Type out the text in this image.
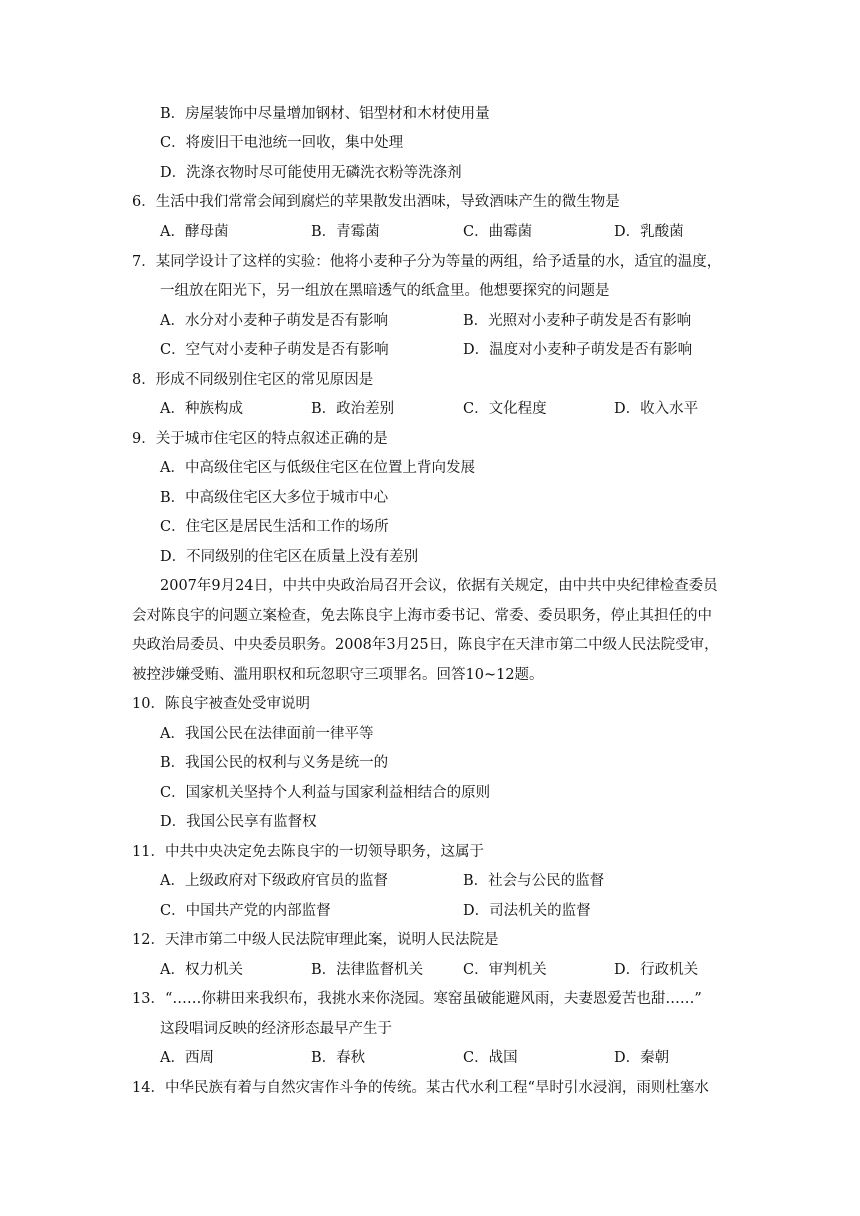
B．房屋装饰中尽量增加钢材、铝型材和木材使用量
C．将废旧干电池统一回收，集中处理
D．洗涤衣物时尽可能使用无磷洗衣粉等洗涤剂
6．生活中我们常常会闻到腐烂的苹果散发出酒味，导致酒味产生的微生物是
A．酵母菌	B．青霉菌	C．曲霉菌	D．乳酸菌
7．某同学设计了这样的实验：他将小麦种子分为等量的两组，给予适量的水，适宜的温度，
一组放在阳光下，另一组放在黑暗透气的纸盒里。他想要探究的问题是
A．水分对小麦种子萌发是否有影响	B．光照对小麦种子萌发是否有影响
C．空气对小麦种子萌发是否有影响	D．温度对小麦种子萌发是否有影响
8．形成不同级别住宅区的常见原因是
A．种族构成	B．政治差别	C．文化程度	D．收入水平
9．关于城市住宅区的特点叙述正确的是
A．中高级住宅区与低级住宅区在位置上背向发展
B．中高级住宅区大多位于城市中心
C．住宅区是居民生活和工作的场所
D．不同级别的住宅区在质量上没有差别
2007年9月24日，中共中央政治局召开会议，依据有关规定，由中共中央纪律检查委员
会对陈良宇的问题立案检查，免去陈良宇上海市委书记、常委、委员职务，停止其担任的中
央政治局委员、中央委员职务。2008年3月25日，陈良宇在天津市第二中级人民法院受审，
被控涉嫌受贿、滥用职权和玩忽职守三项罪名。回答10~12题。
10．陈良宇被查处受审说明
A．我国公民在法律面前一律平等
B．我国公民的权利与义务是统一的
C．国家机关坚持个人利益与国家利益相结合的原则
D．我国公民享有监督权
11．中共中央决定免去陈良宇的一切领导职务，这属于
A．上级政府对下级政府官员的监督	B．社会与公民的监督
C．中国共产党的内部监督	D．司法机关的监督
12．天津市第二中级人民法院审理此案，说明人民法院是
A．权力机关	B．法律监督机关	C．审判机关	D．行政机关
13．“……你耕田来我织布，我挑水来你浇园。寒窑虽破能避风雨，夫妻恩爱苦也甜……”
这段唱词反映的经济形态最早产生于
A．西周	B．春秋	C．战国	D．秦朝
14．中华民族有着与自然灾害作斗争的传统。某古代水利工程“旱时引水浸润，雨则杜塞水
